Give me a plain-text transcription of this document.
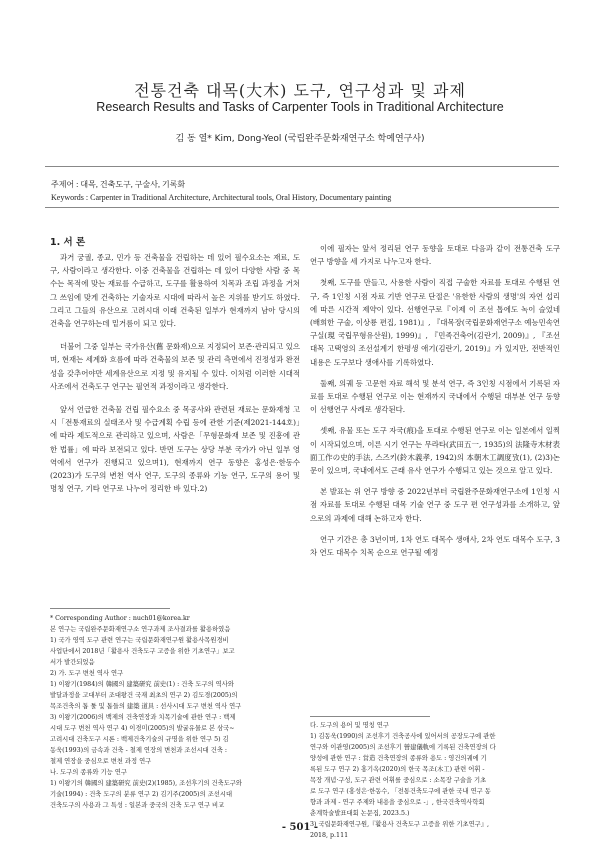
전통건축 대목(大木) 도구, 연구성과 및 과제
Research Results and Tasks of Carpenter Tools in Traditional Architecture
김 동 열* Kim, Dong-Yeol (국립완주문화재연구소 학예연구사)
주제어 : 대목, 건축도구, 구술사, 기록화
Keywords : Carpenter in Traditional Architecture, Architectural tools, Oral History, Documentary painting
1. 서 론

과거 궁궐, 종교, 민가 등 건축물을 건립하는 데 있어 필수요소는 재료, 도구, 사람이라고 생각한다. 이중 건축물을 건립하는 데 있어 다양한 사람 중 목수는 목적에 맞는 재료를 수급하고, 도구를 활용하여 치목과 조립 과정을 거쳐 그 쓰임에 맞게 건축하는 기술자로 시대에 따라서 높은 지위를 받기도 하였다. 그리고 그들의 유산으로 고려시대 이래 건축된 일부가 현재까지 남아 당시의 건축을 연구하는데 밑거름이 되고 있다.

더불어 그중 일부는 국가유산(舊 문화재)으로 지정되어 보존·관리되고 있으며, 현재는 세계화 흐름에 따라 건축물의 보존 및 관리 측면에서 진정성과 완전성을 갖추어야만 세계유산으로 지정 및 유지될 수 있다. 이처럼 이러한 시대적 사조에서 건축도구 연구는 필연적 과정이라고 생각한다.

앞서 언급한 건축물 건립 필수요소 중 목공사와 관련된 재료는 문화재청 고시「전통재료의 실태조사 및 수급계획 수립 등에 관한 기준(제2021-144호)」에 따라 제도적으로 관리하고 있으며, 사람은「무형문화재 보존 및 진흥에 관한 법률」에 따라 보전되고 있다. 반면 도구는 상당 부분 국가가 아닌 일부 영역에서 연구가 진행되고 있으며1), 현재까지 연구 동향은 홍성은·한동수(2023)가 도구의 변천 역사 연구, 도구의 종류와 기능 연구, 도구의 용어 및 명칭 연구, 기타 연구로 나누어 정리한 바 있다.2)

이에 필자는 앞서 정리된 연구 동향을 토대로 다음과 같이 전통건축 도구 연구 방향을 세 가지로 나누고자 한다.

첫째, 도구를 만들고, 사용한 사람이 직접 구술한 자료를 토대로 수행된 연구, 즉 1인칭 시점 자료 기반 연구로 단절은 '유한한 사람의 생명'의 자연 섭리에 따른 시간적 제약이 있다. 선행연구로『이제 이 조선 톱에도 녹이 슬었네(배희한 구술, 이상룡 편집, 1981)』, 『대목장(국립문화재연구소 예능민속연구실(現 국립무형유산원), 1999)』, 『민족건축어(김란기, 2009)』, 『조선대목 고택영의 조선설계기 한평생 애기(김란기, 2019)』가 있지만, 전반적인 내용은 도구보다 생애사를 기록하였다.

둘째, 의궤 등 고문헌 자료 해석 및 분석 연구, 즉 3인칭 시점에서 기록된 자료를 토대로 수행된 연구로 이는 현재까지 국내에서 수행된 대부분 연구 동향이 선행연구 사례로 생각된다.

셋째, 유물 또는 도구 자국(痕)을 토대로 수행된 연구로 이는 일본에서 일찍이 시작되었으며, 이른 시기 연구는 무라타(武田五一, 1935)의 法隆寺木材表面工作の史的手法, 스즈키(鈴木義孝, 1942)의 本朝木工調度攷(1), (2)3)논문이 있으며, 국내에서도 근래 유사 연구가 수행되고 있는 것으로 알고 있다.

본 발표는 위 연구 방향 중 2022년부터 국립완주문화재연구소에 1인칭 시점 자료를 토대로 수행된 대목 기술 연구 중 도구 편 연구성과를 소개하고, 앞으로의 과제에 대해 논하고자 한다.

연구 기간은 총 3년이며, 1차 연도 대목수 생애사, 2차 연도 대목수 도구, 3차 연도 대목수 치목 순으로 연구될 예정

* Corresponding Author : nuch01@korea.kr

본 연구는 국립완주문화재연구소 연구과제 조사결과를 활용하였음

1) 국가 영역 도구 관련 연구는 국립문화재연구원 활용사목원경비

사업단에서 2018년「활용사 건축도구 고증을 위한 기초연구」보고

서가 발간되었음

2) 가. 도구 변천 역사 연구

1) 이왕기(1984)의 韓國의 建築研究 前史(1) : 건축 도구의 역사와

발달과정을 고대부터 조대왕건 국재 최초의 연구 2) 김도경(2005)의

목조건축의 톱 툴 및 톱들의 建築 道具 : 선사시대 도구 변천 역사 연구

3) 이왕기(2006)의 백제의 건축연장과 치목기술에 관한 연구 : 백제

시대 도구 변천 역사 연구 4) 이경미(2005)의 발굴유물로 본 삼국~

고려시대 건축도구 시론 : 백제건축기술의 규명을 위한 연구 5) 김

동욱(1993)의 금속과 건축 - 철제 연장의 변천과 조선시대 건축 :

철제 연장을 중심으로 변천 과정 연구

나. 도구의 종류와 기능 연구

1) 이왕기의 韓國의 建築研究 前史(2)(1985), 조선후기의 건축도구와

기술(1994) : 건축 도구의 분류 연구 2) 김기주(2005)의 조선시대

건축도구의 사용과 그 특성 : 일본과 중국의 건축 도구 연구 비교

다. 도구의 용어 및 명칭 연구

1) 김동욱(1990)의 조선후기 건축공사에 있어서의 공장도구에 관한

연구와 이관영(2005)의 조선후기 營建儀軌에 기록된 건축연장의 다

양성에 관한 연구 : 営造 건축연장의 종류와 용도 : 영건의궤에 기

록된 도구 연구 2) 홍기옥(2020)의 한국 목조(木工) 관련 어휘 -

목장 개념·구성, 도구 관련 어휘를 중심으로 : 소목장 구술을 기초

로 도구 연구 (홍성은·한동수, 「전통건축도구에 관한 국내 연구 동

향과 과제 - 연구 주제와 내용을 중심으로 -」, 한국건축역사학회

춘계학술발표대회 논문집, 2023.5.)

3) 국립문화재연구원,『활용사 건축도구 고증을 위한 기초연구』,

2018, p.111

- 501 -
